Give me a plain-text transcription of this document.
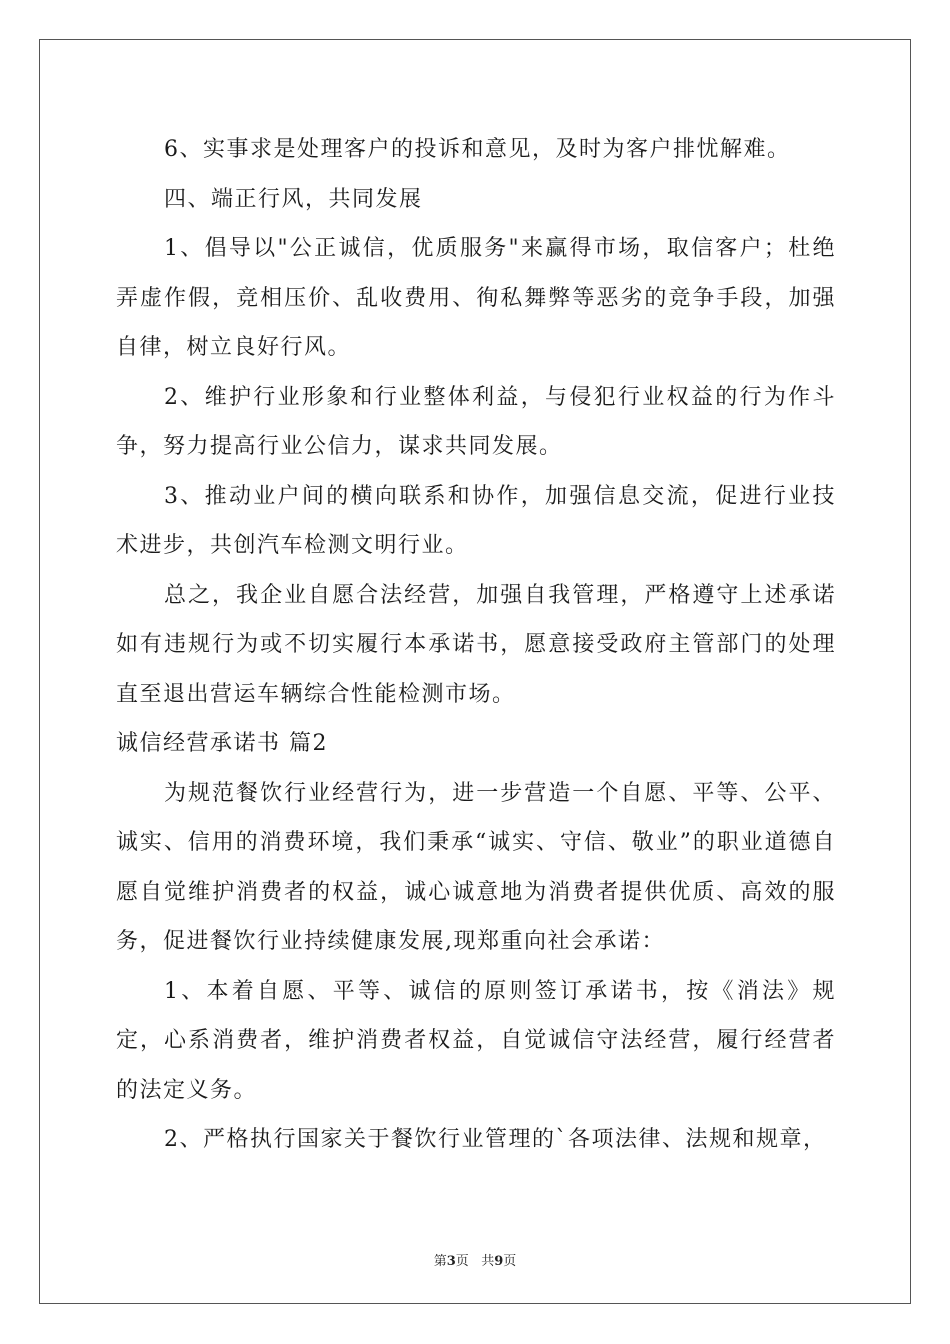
6、实事求是处理客户的投诉和意见，及时为客户排忧解难。

四、端正行风，共同发展

1、倡导以"公正诚信，优质服务"来赢得市场，取信客户；杜绝弄虚作假，竞相压价、乱收费用、徇私舞弊等恶劣的竞争手段，加强自律，树立良好行风。

2、维护行业形象和行业整体利益，与侵犯行业权益的行为作斗争，努力提高行业公信力，谋求共同发展。

3、推动业户间的横向联系和协作，加强信息交流，促进行业技术进步，共创汽车检测文明行业。

总之，我企业自愿合法经营，加强自我管理，严格遵守上述承诺如有违规行为或不切实履行本承诺书，愿意接受政府主管部门的处理直至退出营运车辆综合性能检测市场。

诚信经营承诺书 篇2

为规范餐饮行业经营行为，进一步营造一个自愿、平等、公平、诚实、信用的消费环境，我们秉承“诚实、守信、敬业”的职业道德自愿自觉维护消费者的权益，诚心诚意地为消费者提供优质、高效的服务，促进餐饮行业持续健康发展,现郑重向社会承诺：

1、本着自愿、平等、诚信的原则签订承诺书，按《消法》规定，心系消费者，维护消费者权益，自觉诚信守法经营，履行经营者的法定义务。

2、严格执行国家关于餐饮行业管理的`各项法律、法规和规章，

第3页 共9页
